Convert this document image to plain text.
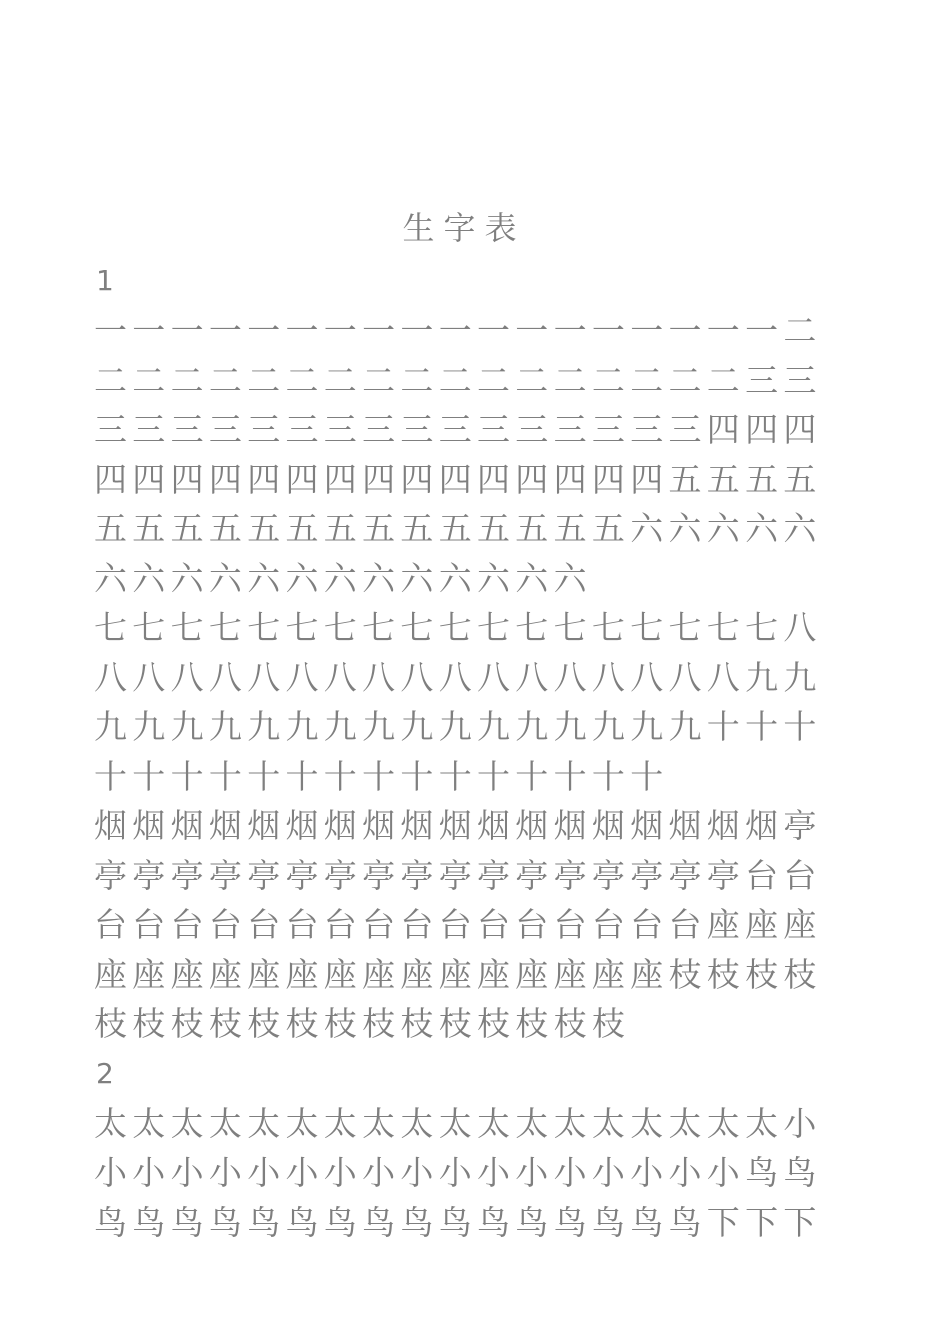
生字表
1
一一一一一一一一一一一一一一一一一一二
二二二二二二二二二二二二二二二二二三三
三三三三三三三三三三三三三三三三四四四
四四四四四四四四四四四四四四四五五五五
五五五五五五五五五五五五五五六六六六六
六六六六六六六六六六六六六
七七七七七七七七七七七七七七七七七七八
八八八八八八八八八八八八八八八八八九九
九九九九九九九九九九九九九九九九十十十
十十十十十十十十十十十十十十十
烟烟烟烟烟烟烟烟烟烟烟烟烟烟烟烟烟烟亭
亭亭亭亭亭亭亭亭亭亭亭亭亭亭亭亭亭台台
台台台台台台台台台台台台台台台台座座座
座座座座座座座座座座座座座座座枝枝枝枝
枝枝枝枝枝枝枝枝枝枝枝枝枝枝
2
太太太太太太太太太太太太太太太太太太小
小小小小小小小小小小小小小小小小小鸟鸟
鸟鸟鸟鸟鸟鸟鸟鸟鸟鸟鸟鸟鸟鸟鸟鸟下下下
